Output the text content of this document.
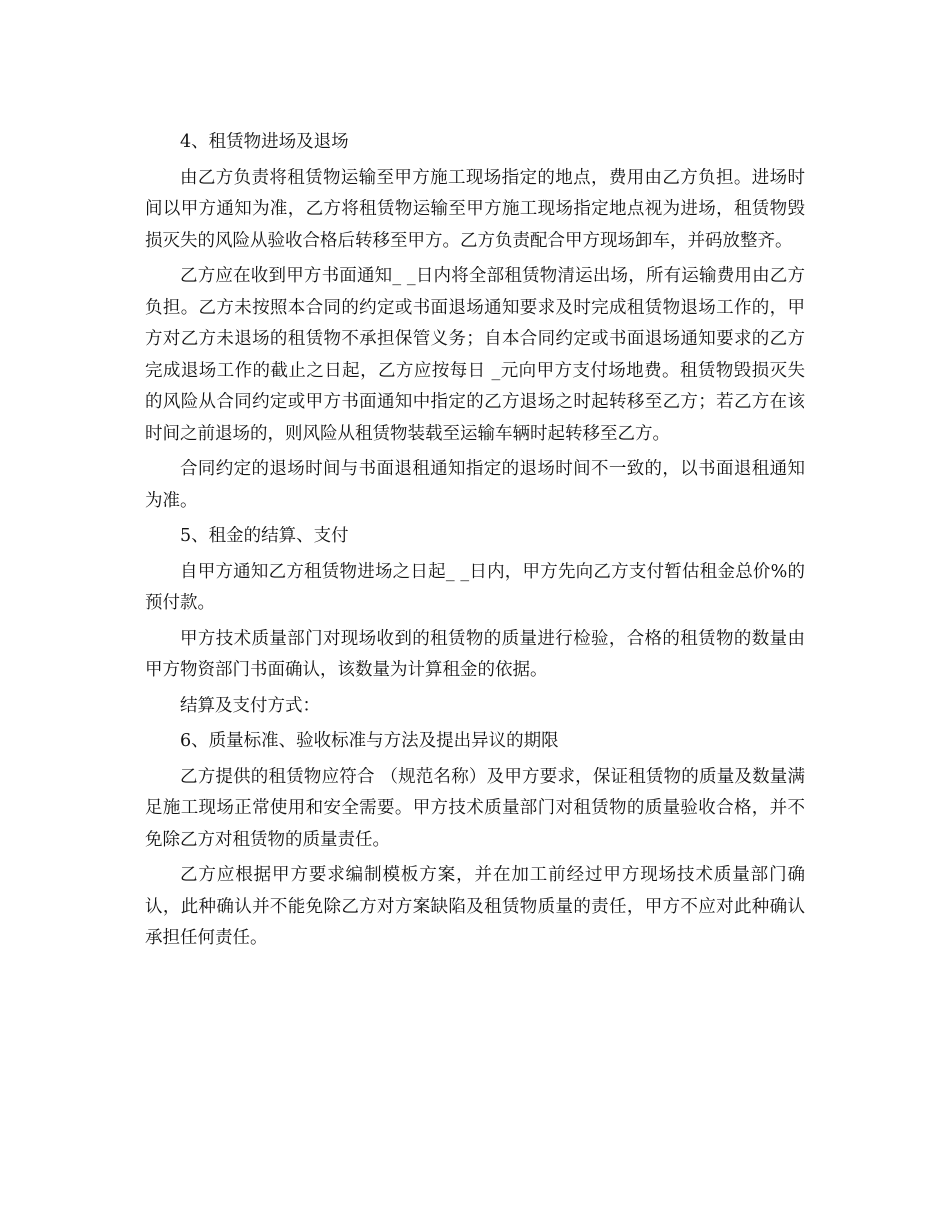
4、租赁物进场及退场

由乙方负责将租赁物运输至甲方施工现场指定的地点，费用由乙方负担。进场时间以甲方通知为准，乙方将租赁物运输至甲方施工现场指定地点视为进场，租赁物毁损灭失的风险从验收合格后转移至甲方。乙方负责配合甲方现场卸车，并码放整齐。

乙方应在收到甲方书面通知_ _日内将全部租赁物清运出场，所有运输费用由乙方负担。乙方未按照本合同的约定或书面退场通知要求及时完成租赁物退场工作的，甲方对乙方未退场的租赁物不承担保管义务；自本合同约定或书面退场通知要求的乙方完成退场工作的截止之日起，乙方应按每日 _元向甲方支付场地费。租赁物毁损灭失的风险从合同约定或甲方书面通知中指定的乙方退场之时起转移至乙方；若乙方在该时间之前退场的，则风险从租赁物装载至运输车辆时起转移至乙方。

合同约定的退场时间与书面退租通知指定的退场时间不一致的，以书面退租通知为准。

5、租金的结算、支付

自甲方通知乙方租赁物进场之日起_ _日内，甲方先向乙方支付暂估租金总价%的预付款。

甲方技术质量部门对现场收到的租赁物的质量进行检验，合格的租赁物的数量由甲方物资部门书面确认，该数量为计算租金的依据。

结算及支付方式：

6、质量标准、验收标准与方法及提出异议的期限

乙方提供的租赁物应符合 （规范名称）及甲方要求，保证租赁物的质量及数量满足施工现场正常使用和安全需要。甲方技术质量部门对租赁物的质量验收合格，并不免除乙方对租赁物的质量责任。

乙方应根据甲方要求编制模板方案，并在加工前经过甲方现场技术质量部门确认，此种确认并不能免除乙方对方案缺陷及租赁物质量的责任，甲方不应对此种确认承担任何责任。
